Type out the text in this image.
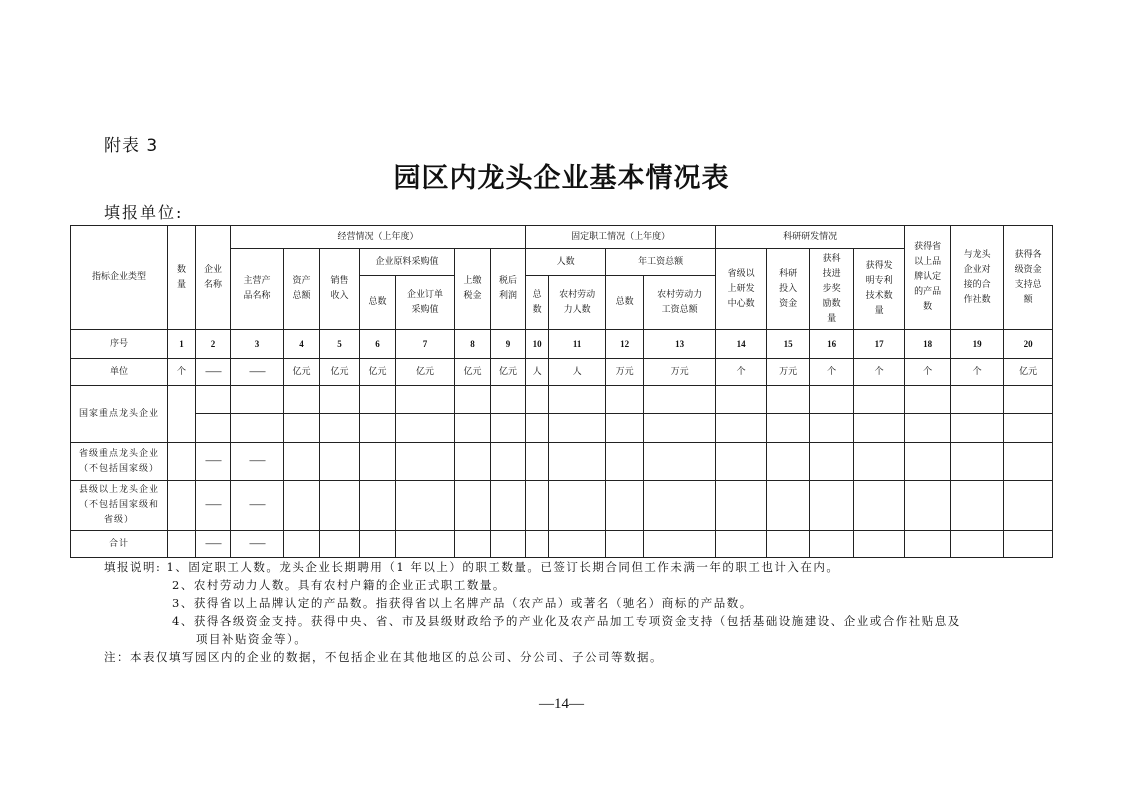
附表 3
园区内龙头企业基本情况表
填报单位:
指标企业类型	数量	企业名称	经营情况（上年度）							固定职工情况（上年度）				科研研发情况				获得省以上品牌认定的产品数	与龙头企业对接的合作社数	获得各级资金支持总额
			主营产品名称	资产总额	销售收入	企业原料采购值		上缴税金	税后利润	人数		年工资总额		省级以上研发中心数	科研投入资金	获科技进步奖励数量	获得发明专利技术数量			
						总数	企业订单采购值			总数	农村劳动力人数	总数	农村劳动力工资总额							
序号	1	2	3	4	5	6	7	8	9	10	11	12	13	14	15	16	17	18	19	20
单位	个	——	——	亿元	亿元	亿元	亿元	亿元	亿元	人	人	万元	万元	个	万元	个	个	个	个	亿元
国家重点龙头企业																				

省级重点龙头企业（不包括国家级）		——	——																	
县级以上龙头企业（不包括国家级和省级）		——	——																	
合计		——	——																	
填报说明: 1、固定职工人数。龙头企业长期聘用（1 年以上）的职工数量。已签订长期合同但工作未满一年的职工也计入在内。
2、农村劳动力人数。具有农村户籍的企业正式职工数量。
3、获得省以上品牌认定的产品数。指获得省以上名牌产品（农产品）或著名（驰名）商标的产品数。
4、获得各级资金支持。获得中央、省、市及县级财政给予的产业化及农产品加工专项资金支持（包括基础设施建设、企业或合作社贴息及
项目补贴资金等）。
注：本表仅填写园区内的企业的数据，不包括企业在其他地区的总公司、分公司、子公司等数据。
—14—
